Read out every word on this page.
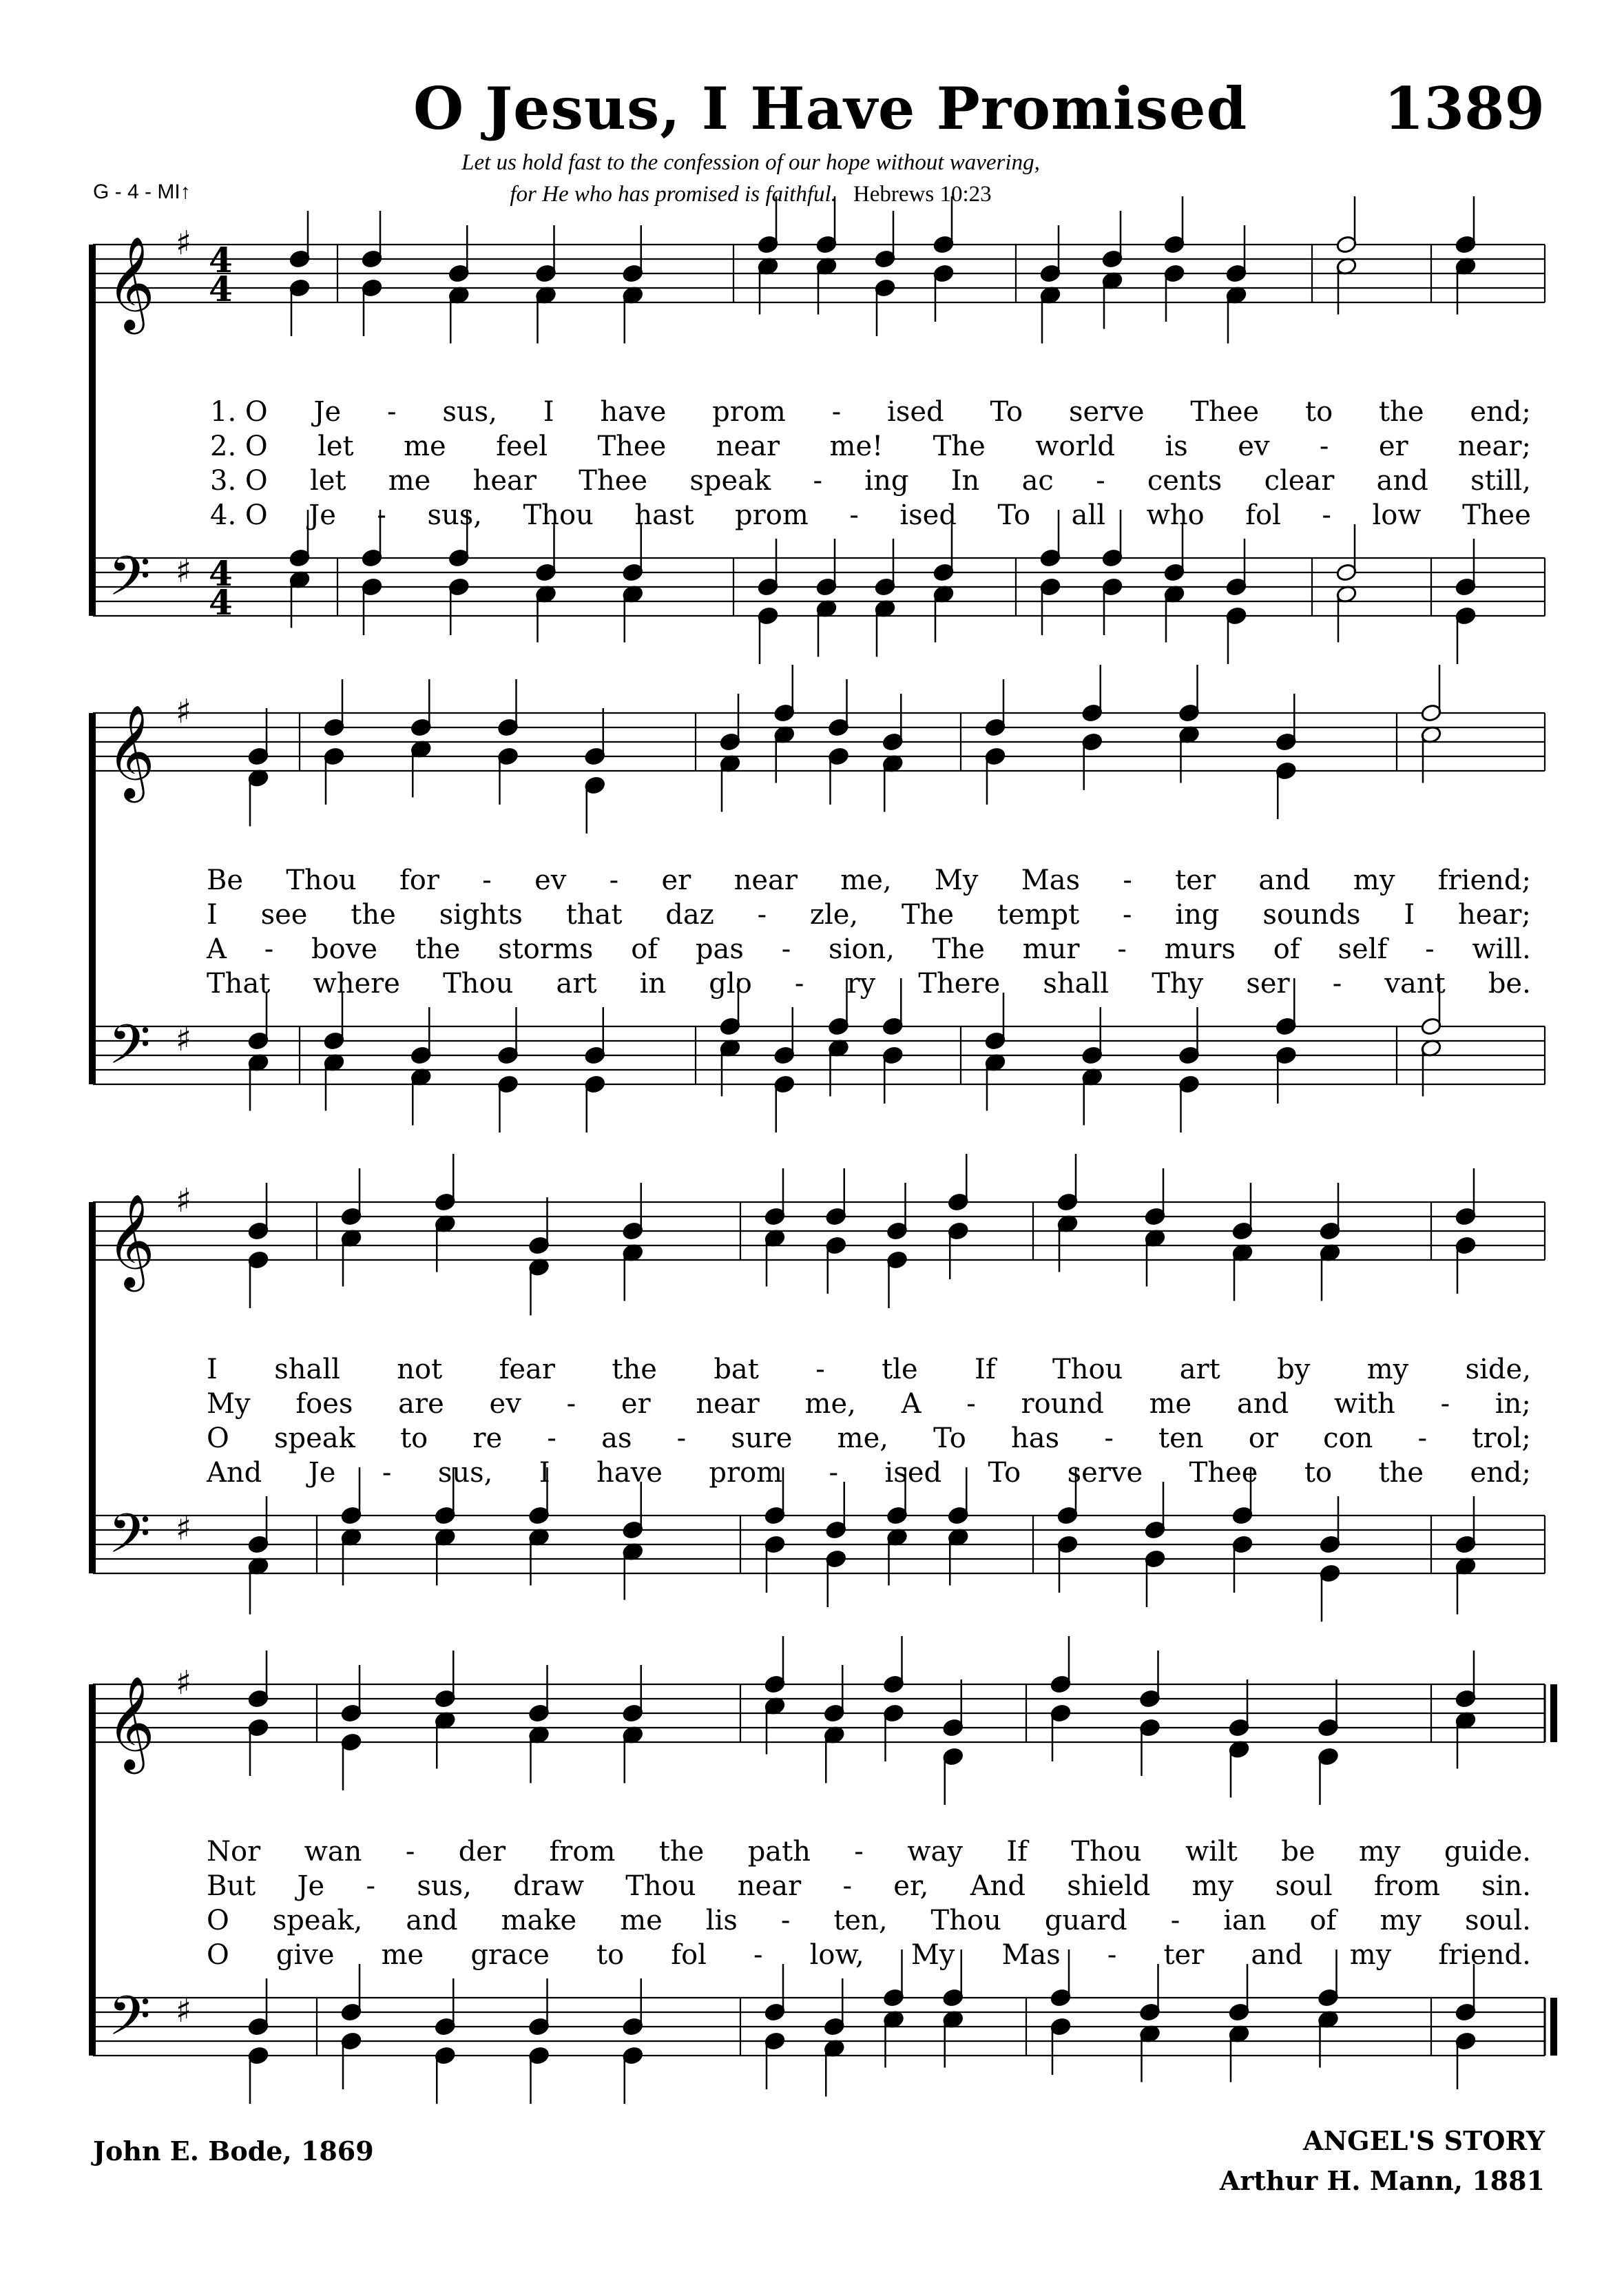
O Jesus, I Have Promised 1389
Let us hold fast to the confession of our hope without wavering,
for He who has promised is faithful. Hebrews 10:23
G - 4 - MI↑
𝄞
𝄢
♯
♯
4
4
4
4
𝄞
𝄢
♯
♯
𝄞
𝄢
♯
♯
𝄞
𝄢
♯
♯
1. O Je - sus, I have prom - ised To serve Thee to the end;
2. O let me feel Thee near me! The world is ev - er near;
3. O let me hear Thee speak - ing In ac - cents clear and still,
4. O Je - sus, Thou hast prom - ised To all who fol - low Thee
Be Thou for - ev - er near me, My Mas - ter and my friend;
I see the sights that daz - zle, The tempt - ing sounds I hear;
A - bove the storms of pas - sion, The mur - murs of self - will.
That where Thou art in glo - ry There shall Thy ser - vant be.
I shall not fear the bat - tle If Thou art by my side,
My foes are ev - er near me, A - round me and with - in;
O speak to re - as - sure me, To has - ten or con - trol;
And Je - sus, I have prom - ised To serve Thee to the end;
Nor wan - der from the path - way If Thou wilt be my guide.
But Je - sus, draw Thou near - er, And shield my soul from sin.
O speak, and make me lis - ten, Thou guard - ian of my soul.
O give me grace to fol - low, My Mas - ter and my friend.
John E. Bode, 1869	ANGEL'S STORY
Arthur H. Mann, 1881
